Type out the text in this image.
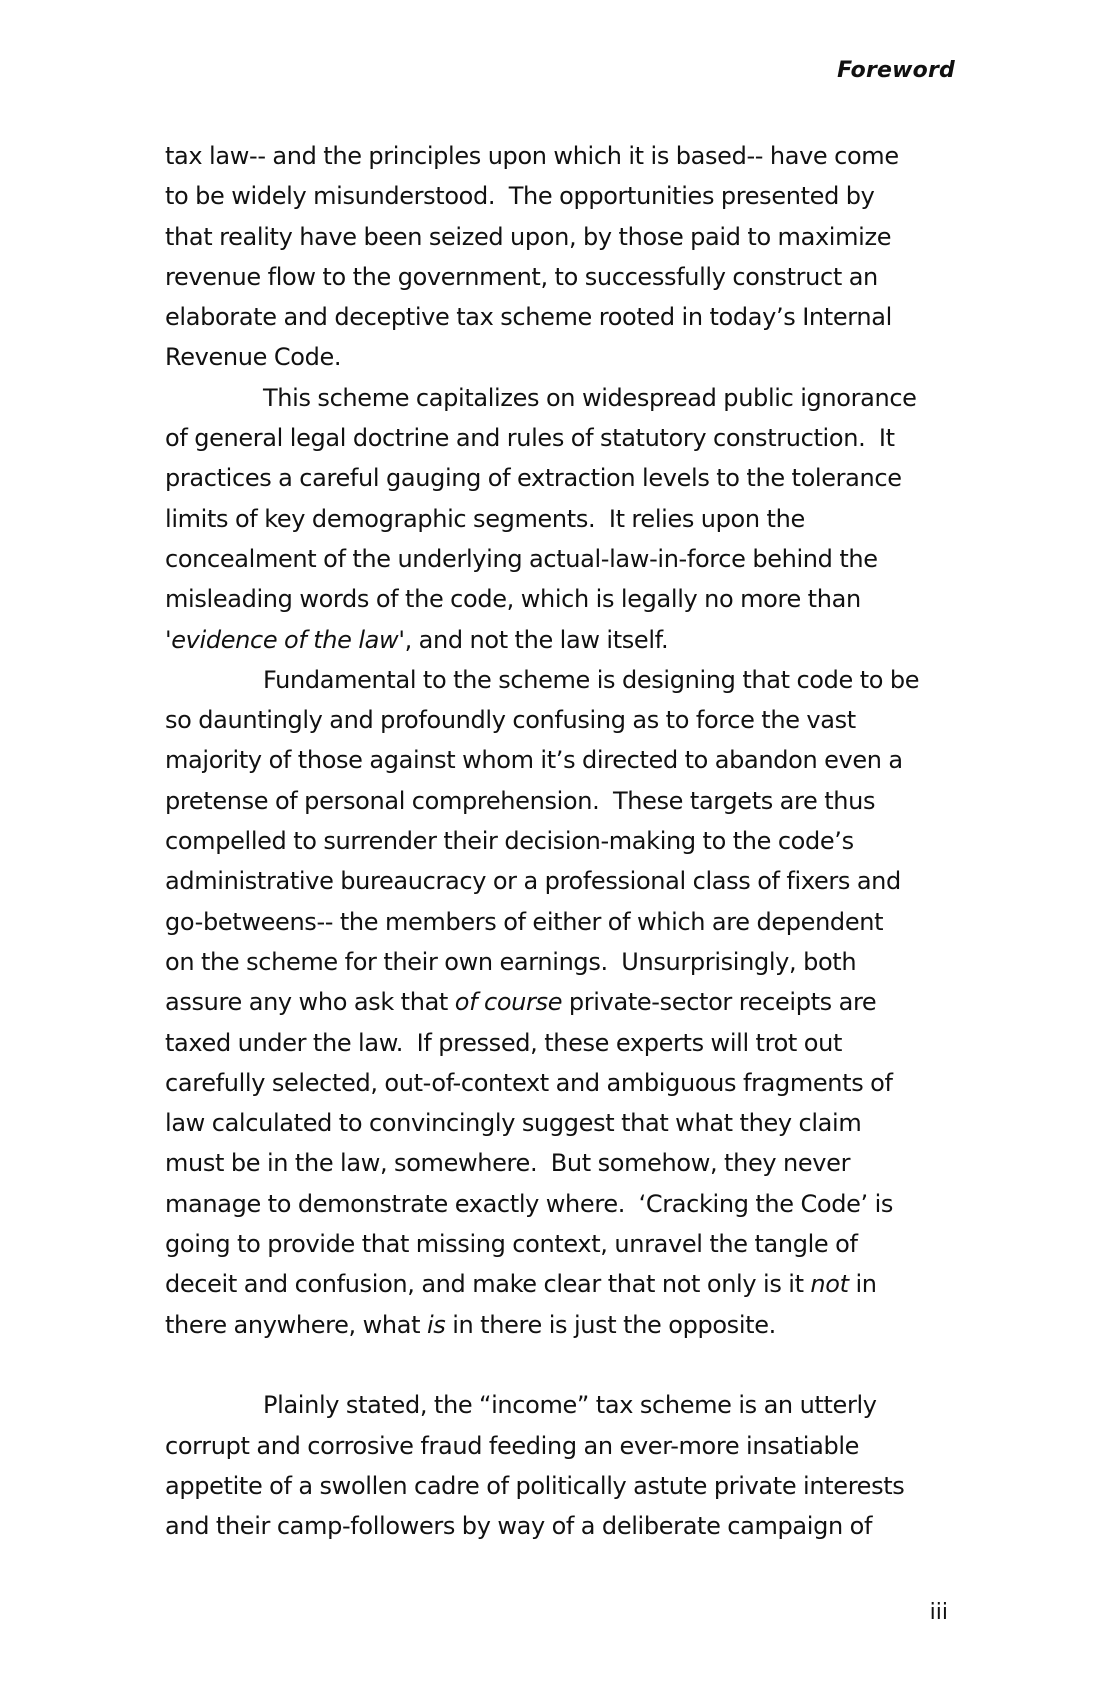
Foreword
tax law-- and the principles upon which it is based-- have come
to be widely misunderstood.  The opportunities presented by
that reality have been seized upon, by those paid to maximize
revenue flow to the government, to successfully construct an
elaborate and deceptive tax scheme rooted in today’s Internal
Revenue Code.
This scheme capitalizes on widespread public ignorance
of general legal doctrine and rules of statutory construction.  It
practices a careful gauging of extraction levels to the tolerance
limits of key demographic segments.  It relies upon the
concealment of the underlying actual-law-in-force behind the
misleading words of the code, which is legally no more than
'evidence of the law', and not the law itself.
Fundamental to the scheme is designing that code to be
so dauntingly and profoundly confusing as to force the vast
majority of those against whom it’s directed to abandon even a
pretense of personal comprehension.  These targets are thus
compelled to surrender their decision-making to the code’s
administrative bureaucracy or a professional class of fixers and
go-betweens-- the members of either of which are dependent
on the scheme for their own earnings.  Unsurprisingly, both
assure any who ask that of course private-sector receipts are
taxed under the law.  If pressed, these experts will trot out
carefully selected, out-of-context and ambiguous fragments of
law calculated to convincingly suggest that what they claim
must be in the law, somewhere.  But somehow, they never
manage to demonstrate exactly where.  ‘Cracking the Code’ is
going to provide that missing context, unravel the tangle of
deceit and confusion, and make clear that not only is it not in
there anywhere, what is in there is just the opposite.
Plainly stated, the “income” tax scheme is an utterly
corrupt and corrosive fraud feeding an ever-more insatiable
appetite of a swollen cadre of politically astute private interests
and their camp-followers by way of a deliberate campaign of
iii
